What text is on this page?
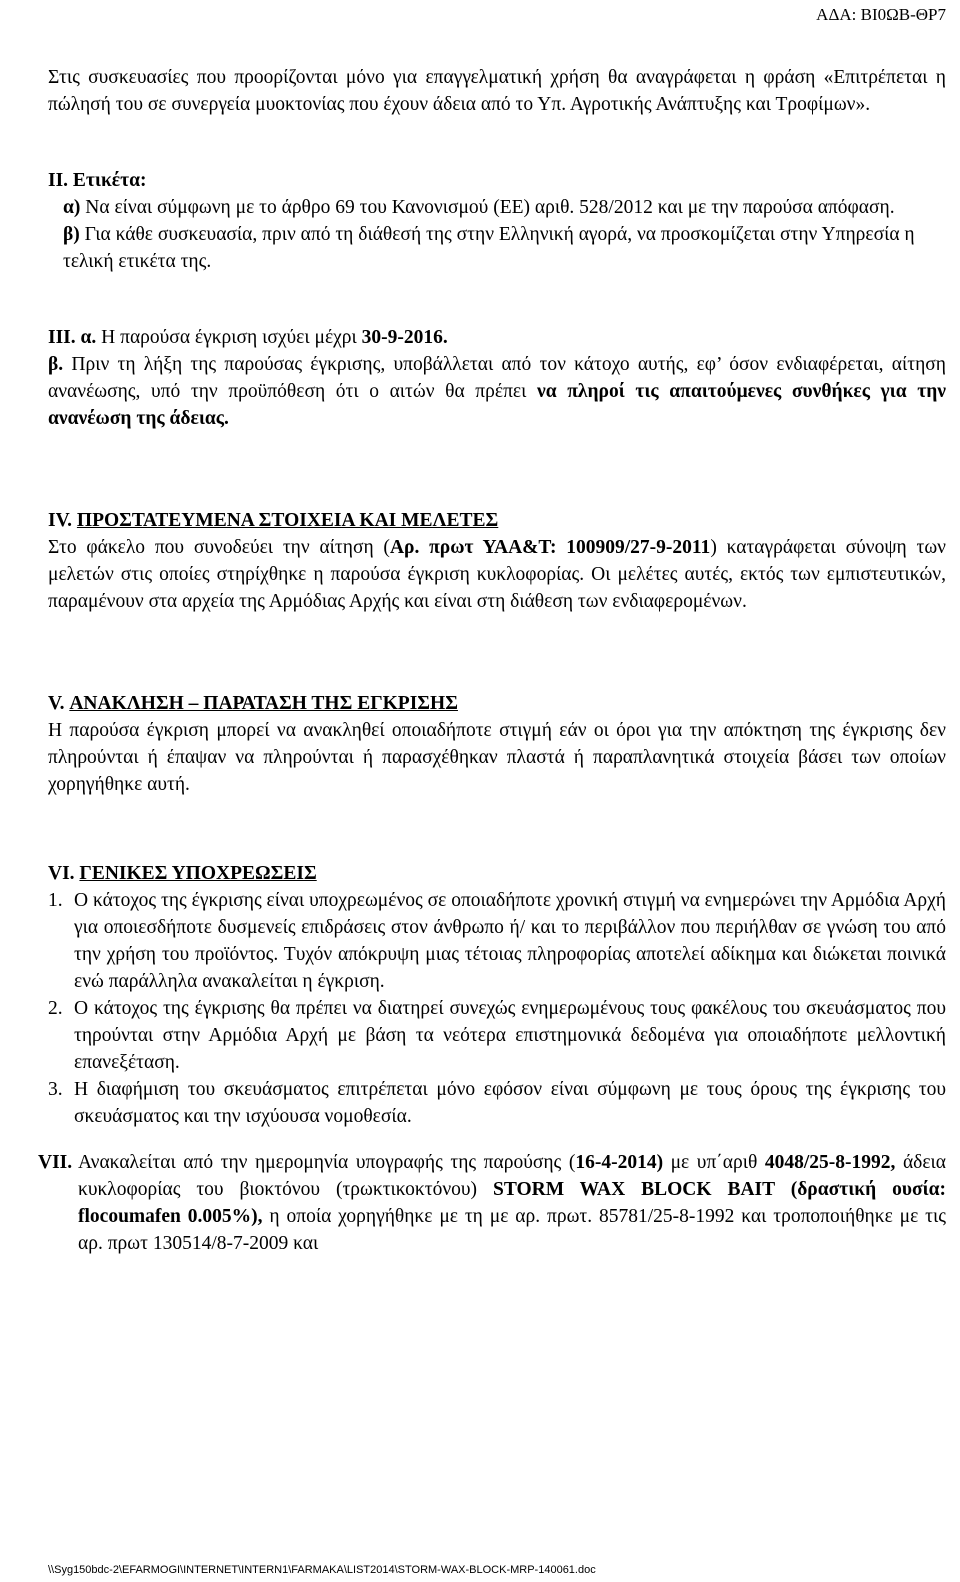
ΑΔΑ: ΒΙ0ΩΒ-ΘΡ7

Στις συσκευασίες που προορίζονται μόνο για επαγγελματική χρήση θα αναγράφεται η φράση «Επιτρέπεται η πώλησή του σε συνεργεία μυοκτονίας που έχουν άδεια από το Υπ. Αγροτικής Ανάπτυξης και Τροφίμων».

ΙΙ. Ετικέτα:

α) Να είναι σύμφωνη με το άρθρο 69 του Κανονισμού (ΕΕ) αριθ. 528/2012 και με την παρούσα απόφαση.

β) Για κάθε συσκευασία, πριν από τη διάθεσή της στην Ελληνική αγορά, να προσκομίζεται στην Υπηρεσία η τελική ετικέτα της.

ΙΙΙ. α. Η παρούσα έγκριση ισχύει μέχρι 30-9-2016.

β. Πριν τη λήξη της παρούσας έγκρισης, υποβάλλεται από τον κάτοχο αυτής, εφ’ όσον ενδιαφέρεται, αίτηση ανανέωσης, υπό την προϋπόθεση ότι ο αιτών θα πρέπει να πληροί τις απαιτούμενες συνθήκες για την ανανέωση της άδειας.

IV. ΠΡΟΣΤΑΤΕΥΜΕΝΑ ΣΤΟΙΧΕΙΑ ΚΑΙ ΜΕΛΕΤΕΣ

Στο φάκελο που συνοδεύει την αίτηση (Αρ. πρωτ ΥΑΑ&Τ: 100909/27-9-2011) καταγράφεται σύνοψη των μελετών στις οποίες στηρίχθηκε η παρούσα έγκριση κυκλοφορίας. Οι μελέτες αυτές, εκτός των εμπιστευτικών, παραμένουν στα αρχεία της Αρμόδιας Αρχής και είναι στη διάθεση των ενδιαφερομένων.

V. ΑΝΑΚΛΗΣΗ – ΠΑΡΑΤΑΣΗ ΤΗΣ ΕΓΚΡΙΣΗΣ

Η παρούσα έγκριση μπορεί να ανακληθεί οποιαδήποτε στιγμή εάν οι όροι για την απόκτηση της έγκρισης δεν πληρούνται ή έπαψαν να πληρούνται ή παρασχέθηκαν πλαστά ή παραπλανητικά στοιχεία βάσει των οποίων χορηγήθηκε αυτή.

VI. ΓΕΝΙΚΕΣ ΥΠΟΧΡΕΩΣΕΙΣ

1. Ο κάτοχος της έγκρισης είναι υποχρεωμένος σε οποιαδήποτε χρονική στιγμή να ενημερώνει την Αρμόδια Αρχή για οποιεσδήποτε δυσμενείς επιδράσεις στον άνθρωπο ή/ και το περιβάλλον που περιήλθαν σε γνώση του από την χρήση του προϊόντος. Τυχόν απόκρυψη μιας τέτοιας πληροφορίας αποτελεί αδίκημα και διώκεται ποινικά ενώ παράλληλα ανακαλείται η έγκριση.
2. Ο κάτοχος της έγκρισης θα πρέπει να διατηρεί συνεχώς ενημερωμένους τους φακέλους του σκευάσματος που τηρούνται στην Αρμόδια Αρχή με βάση τα νεότερα επιστημονικά δεδομένα για οποιαδήποτε μελλοντική επανεξέταση.
3. Η διαφήμιση του σκευάσματος επιτρέπεται μόνο εφόσον είναι σύμφωνη με τους όρους της έγκρισης του σκευάσματος και την ισχύουσα νομοθεσία.
VII. Ανακαλείται από την ημερομηνία υπογραφής της παρούσης (16-4-2014) με υπ΄αριθ 4048/25-8-1992, άδεια κυκλοφορίας του βιοκτόνου (τρωκτικοκτόνου) STORM WAX BLOCK BAIT (δραστική ουσία: flocoumafen 0.005%), η οποία χορηγήθηκε με τη με αρ. πρωτ. 85781/25-8-1992 και τροποποιήθηκε με τις αρ. πρωτ 130514/8-7-2009 και
\\Syg150bdc-2\EFARMOGI\INTERNET\INTERN1\FARMAKA\LIST2014\STORM-WAX-BLOCK-MRP-140061.doc
